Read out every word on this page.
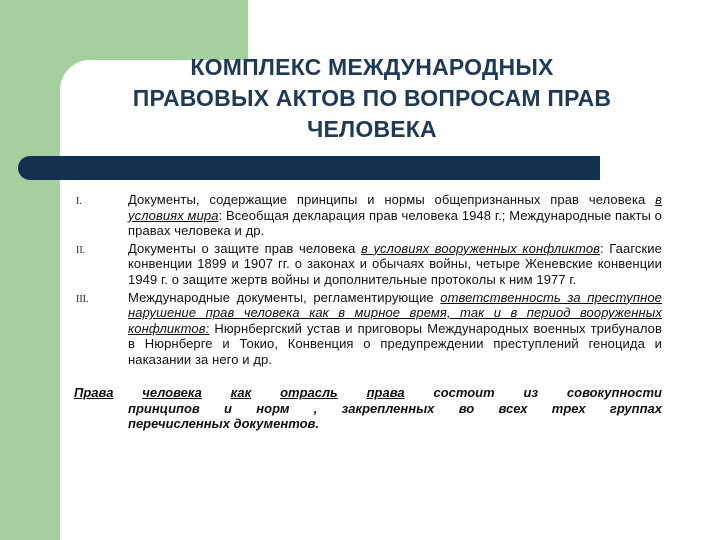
КОМПЛЕКС МЕЖДУНАРОДНЫХ
ПРАВОВЫХ АКТОВ ПО ВОПРОСАМ ПРАВ
ЧЕЛОВЕКА
I.	Документы, содержащие принципы и нормы общепризнанных прав человека в условиях мира: Всеобщая декларация прав человека 1948 г.; Международные пакты о правах человека и др.
II.	Документы о защите прав человека в условиях вооруженных конфликтов: Гаагские конвенции 1899 и 1907 гг. о законах и обычаях войны, четыре Женевские конвенции 1949 г. о защите жертв войны и дополнительные протоколы к ним 1977 г.
III.	Международные документы, регламентирующие ответственность за преступное нарушение прав человека как в мирное время, так и в период вооруженных конфликтов: Нюрнбергский устав и приговоры Международных военных трибуналов в Нюрнберге и Токио, Конвенция о предупреждении преступлений геноцида и наказании за него и др.
Права человека как отрасль права состоит из совокупности
принципов и норм , закрепленных во всех трех группах
перечисленных документов.
